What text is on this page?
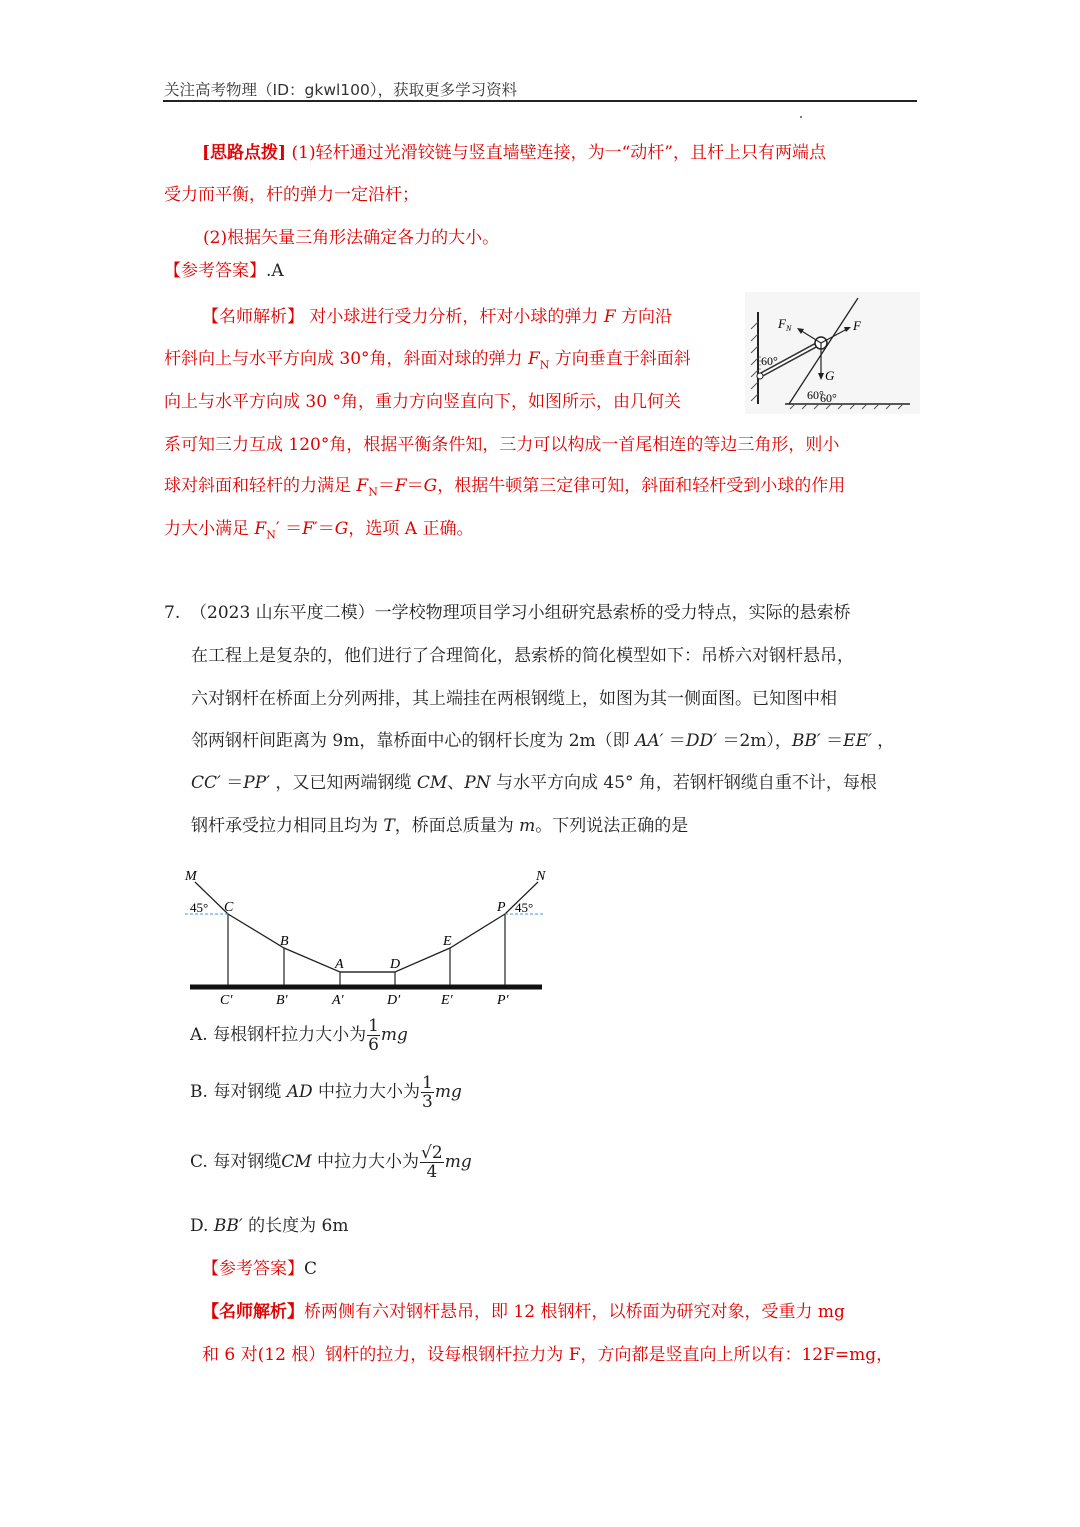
关注高考物理（ID：gkwl100），获取更多学习资料
[思路点拨] (1)轻杆通过光滑铰链与竖直墙壁连接，为一“动杆”，且杆上只有两端点
受力而平衡，杆的弹力一定沿杆；
(2)根据矢量三角形法确定各力的大小。
【参考答案】.A
【名师解析】 对小球进行受力分析，杆对小球的弹力 F 方向沿
杆斜向上与水平方向成 30°角，斜面对球的弹力 $F_N$ 方向垂直于斜面斜
向上与水平方向成 30 °角，重力方向竖直向下，如图所示，由几何关
系可知三力互成 120°角，根据平衡条件知，三力可以构成一首尾相连的等边三角形，则小
球对斜面和轻杆的力满足 $F_N=F=G$，根据牛顿第三定律可知，斜面和轻杆受到小球的作用
力大小满足 $F_N' =F'=G$，选项 A 正确。
$F_N$	F
G
60°
60°
60°
7. （2023 山东平度二模）一学校物理项目学习小组研究悬索桥的受力特点，实际的悬索桥
在工程上是复杂的，他们进行了合理简化，悬索桥的简化模型如下：吊桥六对钢杆悬吊，
六对钢杆在桥面上分列两排，其上端挂在两根钢缆上，如图为其一侧面图。已知图中相
邻两钢杆间距离为 9m，靠桥面中心的钢杆长度为 2m（即 AA′ ＝DD′ ＝2m），BB′ ＝EE′ ，
CC′ ＝PP′ ，又已知两端钢缆 CM、PN 与水平方向成 45° 角，若钢杆钢缆自重不计，每根
钢杆承受拉力相同且均为 T，桥面总质量为 m。下列说法正确的是
M	N
C
B
A	D
E
P
C′	B′	A′	D′	E′	P′
45°	45°
A. 每根钢杆拉力大小为 $\frac{1}{6}$ mg
B. 每对钢缆 AD 中拉力大小为 $\frac{1}{3}$ mg
C. 每对钢缆CM 中拉力大小为 $\frac{√2}{4}$ mg
D. BB′ 的长度为 6m
【参考答案】C
【名师解析】桥两侧有六对钢杆悬吊，即 12 根钢杆，以桥面为研究对象，受重力 mg
和 6 对(12 根）钢杆的拉力，设每根钢杆拉力为 F，方向都是竖直向上所以有：12F=mg，
